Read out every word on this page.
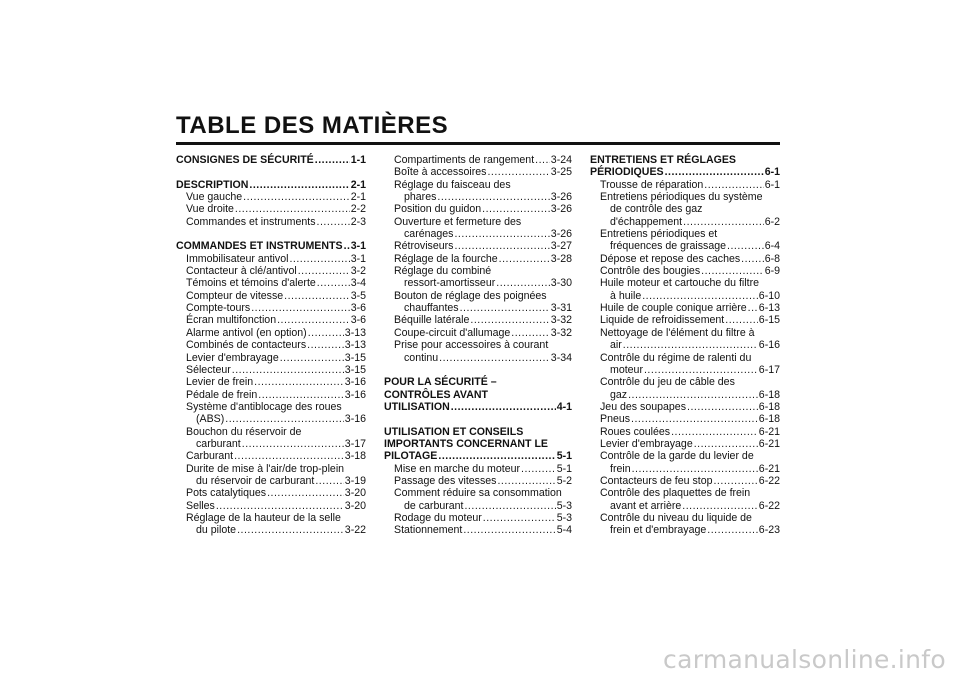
TABLE DES MATIÈRES
CONSIGNES DE SÉCURITÉ .....	1-1
DESCRIPTION .....	2-1
Vue gauche .....	2-1
Vue droite .....	2-2
Commandes et instruments .....	2-3
COMMANDES ET INSTRUMENTS ..... 3-1
Immobilisateur antivol .....	3-1
Contacteur à clé/antivol .....	3-2
Témoins et témoins d'alerte .....	3-4
Compteur de vitesse .....	3-5
Compte-tours .....	3-6
Écran multifonction .....	3-6
Alarme antivol (en option) .....	3-13
Combinés de contacteurs .....	3-13
Levier d'embrayage .....	3-15
Sélecteur .....	3-15
Levier de frein .....	3-16
Pédale de frein .....	3-16
Système d'antiblocage des roues
(ABS) .....	3-16
Bouchon du réservoir de
carburant .....	3-17
Carburant .....	3-18
Durite de mise à l'air/de trop-plein
du réservoir de carburant .....	3-19
Pots catalytiques .....	3-20
Selles .....	3-20
Réglage de la hauteur de la selle
du pilote .....	3-22
Compartiments de rangement ..... 3-24
Boîte à accessoires .....	3-25
Réglage du faisceau des
phares .....	3-26
Position du guidon .....	3-26
Ouverture et fermeture des
carénages .....	3-26
Rétroviseurs .....	3-27
Réglage de la fourche .....	3-28
Réglage du combiné
ressort-amortisseur .....	3-30
Bouton de réglage des poignées
chauffantes .....	3-31
Béquille latérale .....	3-32
Coupe-circuit d'allumage .....	3-32
Prise pour accessoires à courant
continu .....	3-34
POUR LA SÉCURITÉ –
CONTRÔLES AVANT
UTILISATION .....	4-1
UTILISATION ET CONSEILS
IMPORTANTS CONCERNANT LE
PILOTAGE .....	5-1
Mise en marche du moteur .....	5-1
Passage des vitesses .....	5-2
Comment réduire sa consommation
de carburant .....	5-3
Rodage du moteur .....	5-3
Stationnement .....	5-4
ENTRETIENS ET RÉGLAGES
PÉRIODIQUES .....	6-1
Trousse de réparation .....	6-1
Entretiens périodiques du système
de contrôle des gaz
d'échappement .....	6-2
Entretiens périodiques et
fréquences de graissage .....	6-4
Dépose et repose des caches ..... 6-8
Contrôle des bougies .....	6-9
Huile moteur et cartouche du filtre
à huile .....	6-10
Huile de couple conique arrière ..... 6-13
Liquide de refroidissement .....	6-15
Nettoyage de l'élément du filtre à
air .....	6-16
Contrôle du régime de ralenti du
moteur .....	6-17
Contrôle du jeu de câble des
gaz .....	6-18
Jeu des soupapes .....	6-18
Pneus .....	6-18
Roues coulées .....	6-21
Levier d'embrayage .....	6-21
Contrôle de la garde du levier de
frein .....	6-21
Contacteurs de feu stop .....	6-22
Contrôle des plaquettes de frein
avant et arrière .....	6-22
Contrôle du niveau du liquide de
frein et d'embrayage .....	6-23
carmanualsonline.info
